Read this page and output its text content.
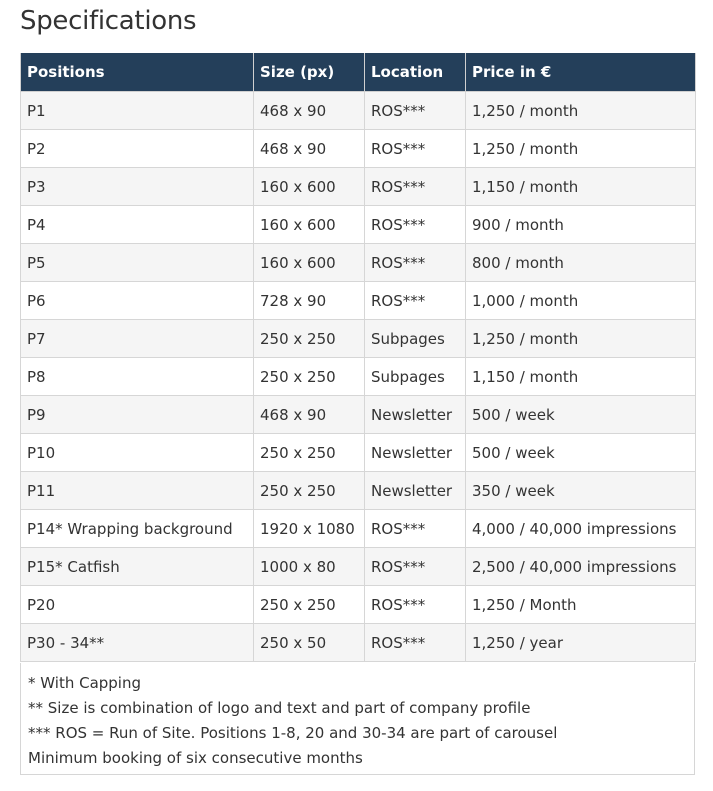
Specifications
Positions	Size (px)	Location	Price in €
P1	468 x 90	ROS***	1,250 / month
P2	468 x 90	ROS***	1,250 / month
P3	160 x 600	ROS***	1,150 / month
P4	160 x 600	ROS***	900 / month
P5	160 x 600	ROS***	800 / month
P6	728 x 90	ROS***	1,000 / month
P7	250 x 250	Subpages	1,250 / month
P8	250 x 250	Subpages	1,150 / month
P9	468 x 90	Newsletter	500 / week
P10	250 x 250	Newsletter	500 / week
P11	250 x 250	Newsletter	350 / week
P14* Wrapping background	1920 x 1080	ROS***	4,000 / 40,000 impressions
P15* Catfish	1000 x 80	ROS***	2,500 / 40,000 impressions
P20	250 x 250	ROS***	1,250 / Month
P30 - 34**	250 x 50	ROS***	1,250 / year
* With Capping
** Size is combination of logo and text and part of company profile
*** ROS = Run of Site. Positions 1-8, 20 and 30-34 are part of carousel
Minimum booking of six consecutive months
